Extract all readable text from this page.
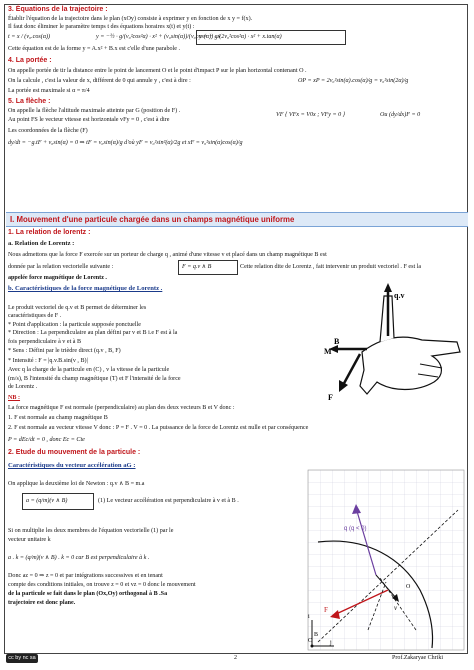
3. Équations de la trajectoire :
Établir l'équation de la trajectoire dans le plan (xOy) consiste à exprimer y en fonction de x y = f(x).
Il faut donc éliminer le paramètre temps t des équations horaires x(t) et y(t) :
t = x / (v₀.cos(α))	y = −½ · g/(v₀²cos²α) · x² + (v₀sin(α))/(v₀cos(α)) · x
y = − g/(2v₀²cos²α) · x² + x.tan(α)
Cette équation est de la forme y = A.x² + B.x est c'elle d'une parabole .
4. La portée :
On appelle portée de tir la distance entre le point de lancement O et le point d'impact P sur le plan horizontal contenant O .
On la calcule , c'est la valeur de x, différent de 0 qui annule y , c'est à dire :	OP = xP = 2v₀²sin(α).cos(α)/g = v₀²sin(2α)/g
La portée est maximale si α = π/4
5. La flèche :
On appelle la flèche l'altitude maximale atteinte par G (position de F) .
Au point FS le vecteur vitesse est horizontale vFy = 0 , c'est à dire
VF { VFx = V0x ; VFy = 0 }	Ou (dy/dx)F = 0
Les coordonnées de la flèche (F)
dy/dt = −g.tF + v₀sin(α) = 0 ⇒ tF = v₀sin(α)/g d'où yF = v₀²sin²(α)/2g et xF = v₀²sin(α)cos(α)/g
I. Mouvement d'une particule chargée dans un champs magnétique uniforme
1. La relation de lorentz :
a. Relation de Lorentz :
Nous admettons que la force F exercée sur un porteur de charge q , animé d'une vitesse v et placé dans un champ magnétique B est
donnée par la relation vectorielle suivante :	F = q.v ∧ B	Cette relation dite de Lorentz , fait intervenir un produit vectoriel . F est la
appelée force magnétique de Lorentz .
b. Caractéristiques de la force magnétique de Lorentz .
Le produit vectoriel de q.v et B permet de déterminer les
caractéristiques de F .
* Point d'application : la particule supposée ponctuelle
* Direction : La perpendiculaire au plan défini par v et B i.e F est à la
fois perpendiculaire à v et à B
* Sens : Défini par le trièdre direct (q.v , B, F)
* Intensité : F = |q.v.B.sin(v , B)|
Avec q la charge de la particule en (C) , v la vitesse de la particule
(m/s), B l'intensité du champ magnétique (T) et F l'intensité de la force
de Lorentz .
q.v
B
M
F
NB :
La force magnétique F est normale (perpendiculaire) au plan des deux vecteurs B et V donc :
1. F est normale au champ magnétique B
2. F est normale au vecteur vitesse V donc : P = F . V = 0 . La puissance de la force de Lorentz est nulle et par conséquence
P = dEc/dt = 0 , donc Ec = Cte
2. Etude du mouvement de la particule :
Caractéristiques du vecteur accélération aG :
On applique la deuxième loi de Newton : q.v ∧ B = m.a
a = (q/m)(v ∧ B)	(1) Le vecteur accélération est perpendiculaire à v et à B .
Si on multiplie les deux membres de l'équation vectorielle (1) par le
vecteur unitaire k
a . k = (q/m)(v ∧ B) . k = 0 car B est perpendiculaire à k .
Donc az = 0 ⇒ z = 0 et par intégrations successives et en tenant
compte des conditions initiales, on trouve z = 0 et vz = 0 donc le mouvement
de la particule se fait dans le plan (Ox,Oy) orthogonal à B .Sa
trajectoire est donc plane.
q (q < 0)
v
F
B
O
C
i
j
cc by nc sa	2	Prof.Zakaryae Chriki
